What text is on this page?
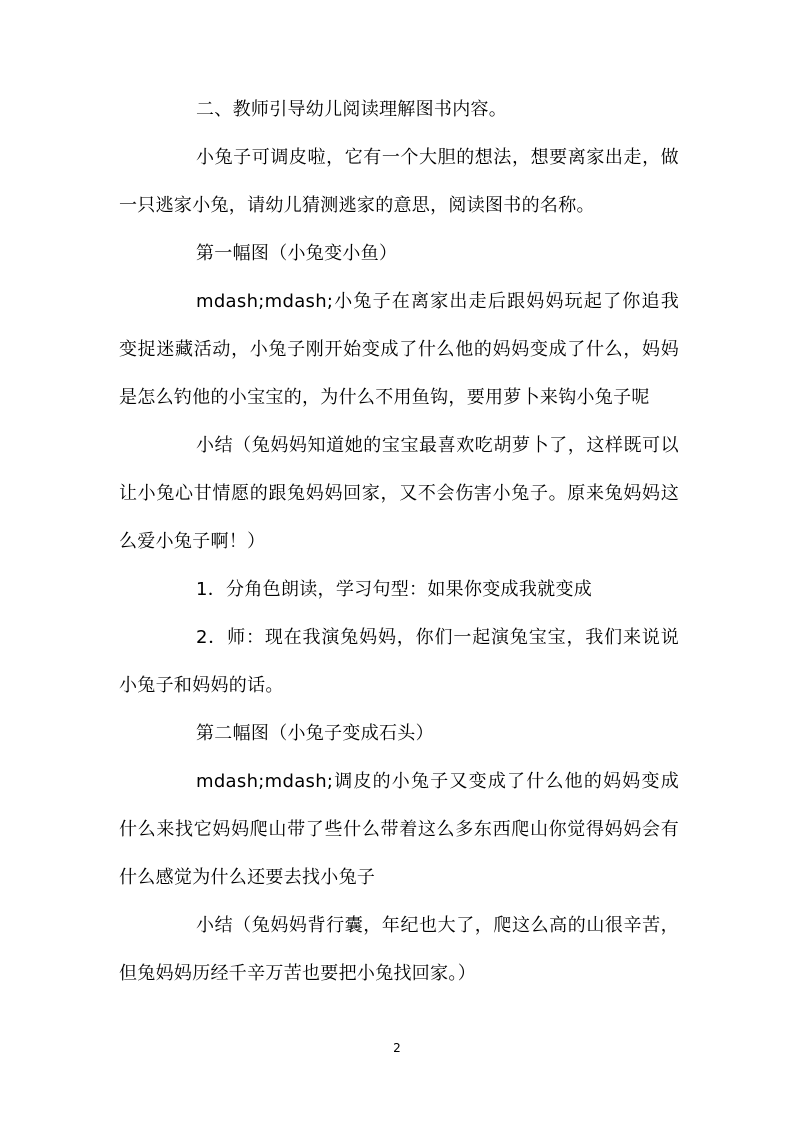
二、教师引导幼儿阅读理解图书内容。

小兔子可调皮啦，它有一个大胆的想法，想要离家出走，做一只逃家小兔，请幼儿猜测逃家的意思，阅读图书的名称。

第一幅图（小兔变小鱼）

mdash;mdash;小兔子在离家出走后跟妈妈玩起了你追我变捉迷藏活动，小兔子刚开始变成了什么他的妈妈变成了什么，妈妈是怎么钓他的小宝宝的，为什么不用鱼钩，要用萝卜来钩小兔子呢

小结（兔妈妈知道她的宝宝最喜欢吃胡萝卜了，这样既可以让小兔心甘情愿的跟兔妈妈回家，又不会伤害小兔子。原来兔妈妈这么爱小兔子啊！）

1．分角色朗读，学习句型：如果你变成我就变成

2．师：现在我演兔妈妈，你们一起演兔宝宝，我们来说说小兔子和妈妈的话。

第二幅图（小兔子变成石头）

mdash;mdash;调皮的小兔子又变成了什么他的妈妈变成什么来找它妈妈爬山带了些什么带着这么多东西爬山你觉得妈妈会有什么感觉为什么还要去找小兔子

小结（兔妈妈背行囊，年纪也大了，爬这么高的山很辛苦，但兔妈妈历经千辛万苦也要把小兔找回家。）

2
